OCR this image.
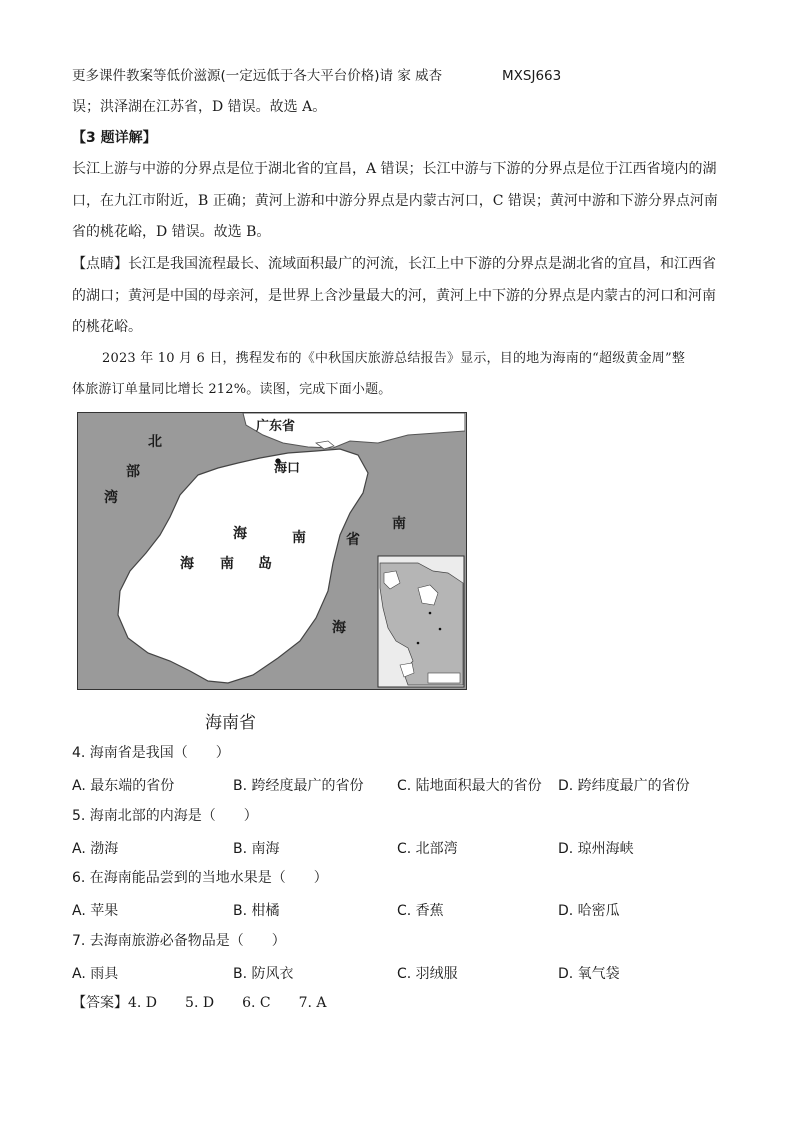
更多课件教案等低价滋源(一定远低于各大平台价格)请 家 威杏	MXSJ663
误；洪泽湖在江苏省，D 错误。故选 A。
【3 题详解】
长江上游与中游的分界点是位于湖北省的宜昌，A 错误；长江中游与下游的分界点是位于江西省境内的湖
口，在九江市附近，B 正确；黄河上游和中游分界点是内蒙古河口，C 错误；黄河中游和下游分界点河南
省的桃花峪，D 错误。故选 B。
【点睛】长江是我国流程最长、流域面积最广的河流，长江上中下游的分界点是湖北省的宜昌，和江西省
的湖口；黄河是中国的母亲河，是世界上含沙量最大的河，黄河上中下游的分界点是内蒙古的河口和河南
的桃花峪。
2023 年 10 月 6 日，携程发布的《中秋国庆旅游总结报告》显示，目的地为海南的“超级黄金周”整
体旅游订单量同比增长 212%。读图，完成下面小题。
广东省
北
部
湾
海口
海	南	省
南
海 南 岛
海
海南省
4. 海南省是我国（　　）
A. 最东端的省份	B. 跨经度最广的省份 C. 陆地面积最大的省份 D. 跨纬度最广的省份
5. 海南北部的内海是（　　）
A. 渤海	B. 南海	C. 北部湾	D. 琼州海峡
6. 在海南能品尝到的当地水果是（　　）
A. 苹果	B. 柑橘	C. 香蕉	D. 哈密瓜
7. 去海南旅游必备物品是（　　）
A. 雨具	B. 防风衣	C. 羽绒服	D. 氧气袋
【答案】4. D　　5. D　　6. C　　7. A
